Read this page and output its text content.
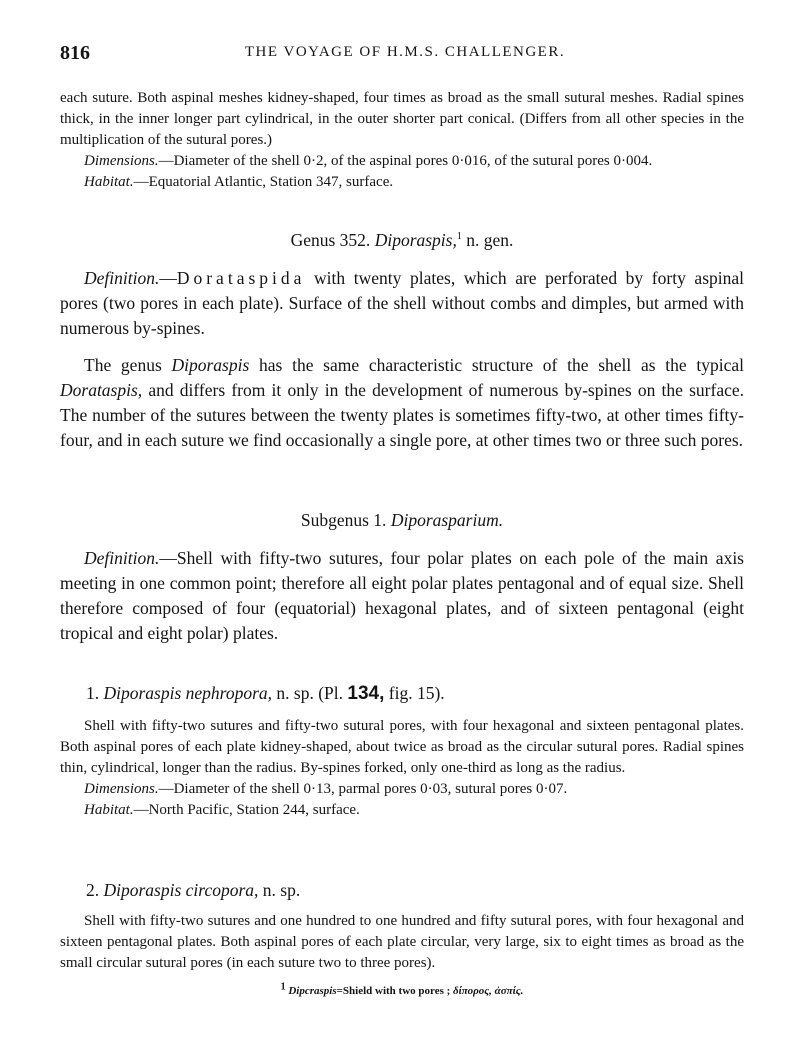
816	THE VOYAGE OF H.M.S. CHALLENGER.
each suture. Both aspinal meshes kidney-shaped, four times as broad as the small sutural meshes. Radial spines thick, in the inner longer part cylindrical, in the outer shorter part conical. (Differs from all other species in the multiplication of the sutural pores.)
Dimensions.—Diameter of the shell 0·2, of the aspinal pores 0·016, of the sutural pores 0·004.
Habitat.—Equatorial Atlantic, Station 347, surface.
Genus 352. Diporaspis,$^1$ n. gen.
Definition.—Dorataspida with twenty plates, which are perforated by forty aspinal pores (two pores in each plate). Surface of the shell without combs and dimples, but armed with numerous by-spines.
The genus Diporaspis has the same characteristic structure of the shell as the typical Dorataspis, and differs from it only in the development of numerous by-spines on the surface. The number of the sutures between the twenty plates is sometimes fifty-two, at other times fifty-four, and in each suture we find occasionally a single pore, at other times two or three such pores.
Subgenus 1. Diporasparium.
Definition.—Shell with fifty-two sutures, four polar plates on each pole of the main axis meeting in one common point; therefore all eight polar plates pentagonal and of equal size. Shell therefore composed of four (equatorial) hexagonal plates, and of sixteen pentagonal (eight tropical and eight polar) plates.
1. Diporaspis nephropora, n. sp. (Pl. 134, fig. 15).
Shell with fifty-two sutures and fifty-two sutural pores, with four hexagonal and sixteen pentagonal plates. Both aspinal pores of each plate kidney-shaped, about twice as broad as the circular sutural pores. Radial spines thin, cylindrical, longer than the radius. By-spines forked, only one-third as long as the radius.
Dimensions.—Diameter of the shell 0·13, parmal pores 0·03, sutural pores 0·07.
Habitat.—North Pacific, Station 244, surface.
2. Diporaspis circopora, n. sp.
Shell with fifty-two sutures and one hundred to one hundred and fifty sutural pores, with four hexagonal and sixteen pentagonal plates. Both aspinal pores of each plate circular, very large, six to eight times as broad as the small circular sutural pores (in each suture two to three pores).
$^1$ Dipcraspis=Shield with two pores ; δίπορος, ἀσπίς.
